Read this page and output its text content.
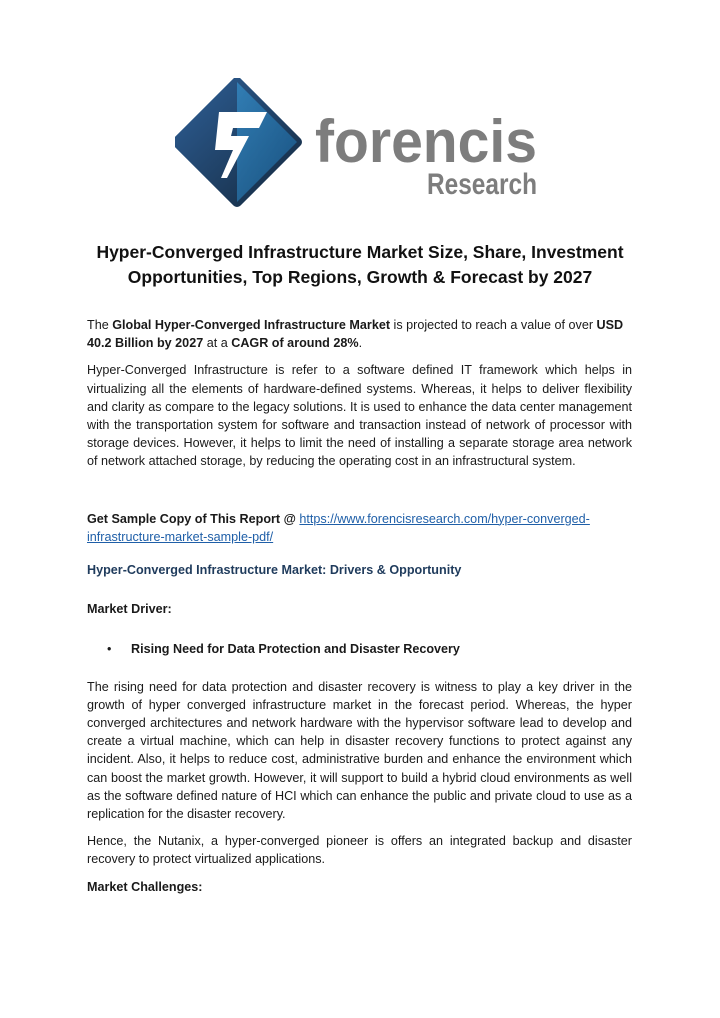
forencis
Research
Hyper-Converged Infrastructure Market Size, Share, Investment
Opportunities, Top Regions, Growth & Forecast by 2027

The Global Hyper-Converged Infrastructure Market is projected to reach a value of over USD 40.2 Billion by 2027 at a CAGR of around 28%.

Hyper-Converged Infrastructure is refer to a software defined IT framework which helps in virtualizing all the elements of hardware-defined systems. Whereas, it helps to deliver flexibility and clarity as compare to the legacy solutions. It is used to enhance the data center management with the transportation system for software and transaction instead of network of processor with storage devices. However, it helps to limit the need of installing a separate storage area network of network attached storage, by reducing the operating cost in an infrastructural system.

Get Sample Copy of This Report @ https://www.forencisresearch.com/hyper-converged-
infrastructure-market-sample-pdf/

Hyper-Converged Infrastructure Market: Drivers & Opportunity

Market Driver:

•	Rising Need for Data Protection and Disaster Recovery

The rising need for data protection and disaster recovery is witness to play a key driver in the growth of hyper converged infrastructure market in the forecast period. Whereas, the hyper converged architectures and network hardware with the hypervisor software lead to develop and create a virtual machine, which can help in disaster recovery functions to protect against any incident. Also, it helps to reduce cost, administrative burden and enhance the environment which can boost the market growth. However, it will support to build a hybrid cloud environments as well as the software defined nature of HCI which can enhance the public and private cloud to use as a replication for the disaster recovery.

Hence, the Nutanix, a hyper-converged pioneer is offers an integrated backup and disaster recovery to protect virtualized applications.

Market Challenges:
